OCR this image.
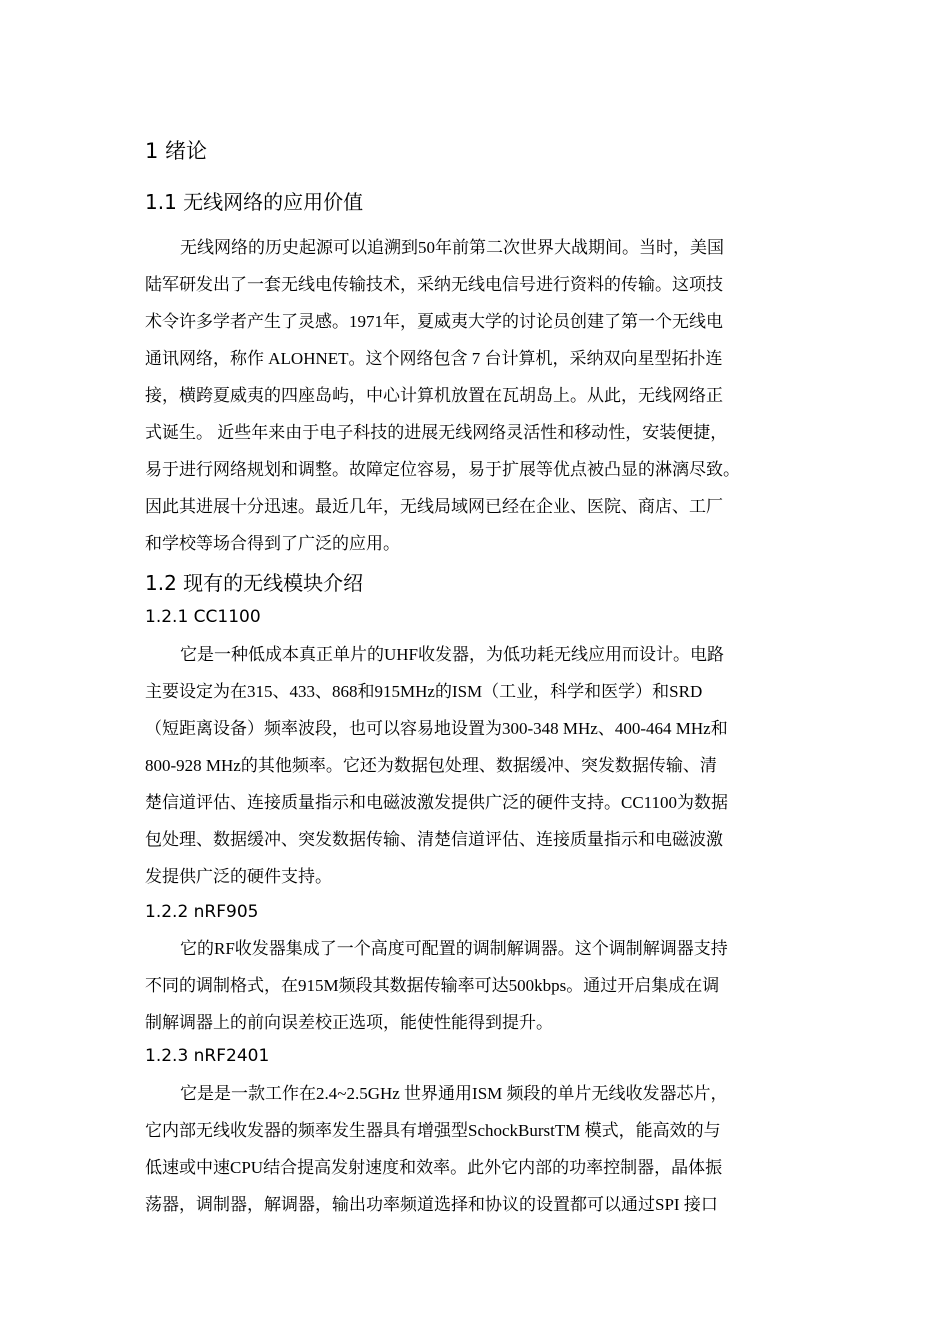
1 绪论
1.1 无线网络的应用价值
无线网络的历史起源可以追溯到50年前第二次世界大战期间。当时，美国
陆军研发出了一套无线电传输技术，采纳无线电信号进行资料的传输。这项技
术令许多学者产生了灵感。1971年，夏威夷大学的讨论员创建了第一个无线电
通讯网络，称作 ALOHNET。这个网络包含 7 台计算机，采纳双向星型拓扑连
接，横跨夏威夷的四座岛屿，中心计算机放置在瓦胡岛上。从此，无线网络正
式诞生。 近些年来由于电子科技的进展无线网络灵活性和移动性，安装便捷，
易于进行网络规划和调整。故障定位容易，易于扩展等优点被凸显的淋漓尽致。
因此其进展十分迅速。最近几年，无线局域网已经在企业、医院、商店、工厂
和学校等场合得到了广泛的应用。
1.2 现有的无线模块介绍
1.2.1 CC1100
它是一种低成本真正单片的UHF收发器，为低功耗无线应用而设计。电路
主要设定为在315、433、868和915MHz的ISM（工业，科学和医学）和SRD
（短距离设备）频率波段，也可以容易地设置为300-348 MHz、400-464 MHz和
800-928 MHz的其他频率。它还为数据包处理、数据缓冲、突发数据传输、清
楚信道评估、连接质量指示和电磁波激发提供广泛的硬件支持。CC1100为数据
包处理、数据缓冲、突发数据传输、清楚信道评估、连接质量指示和电磁波激
发提供广泛的硬件支持。
1.2.2 nRF905
它的RF收发器集成了一个高度可配置的调制解调器。这个调制解调器支持
不同的调制格式，在915M频段其数据传输率可达500kbps。通过开启集成在调
制解调器上的前向误差校正选项，能使性能得到提升。
1.2.3 nRF2401
它是是一款工作在2.4~2.5GHz 世界通用ISM 频段的单片无线收发器芯片，
它内部无线收发器的频率发生器具有增强型SchockBurstTM 模式，能高效的与
低速或中速CPU结合提高发射速度和效率。此外它内部的功率控制器，晶体振
荡器，调制器，解调器，输出功率频道选择和协议的设置都可以通过SPI 接口
